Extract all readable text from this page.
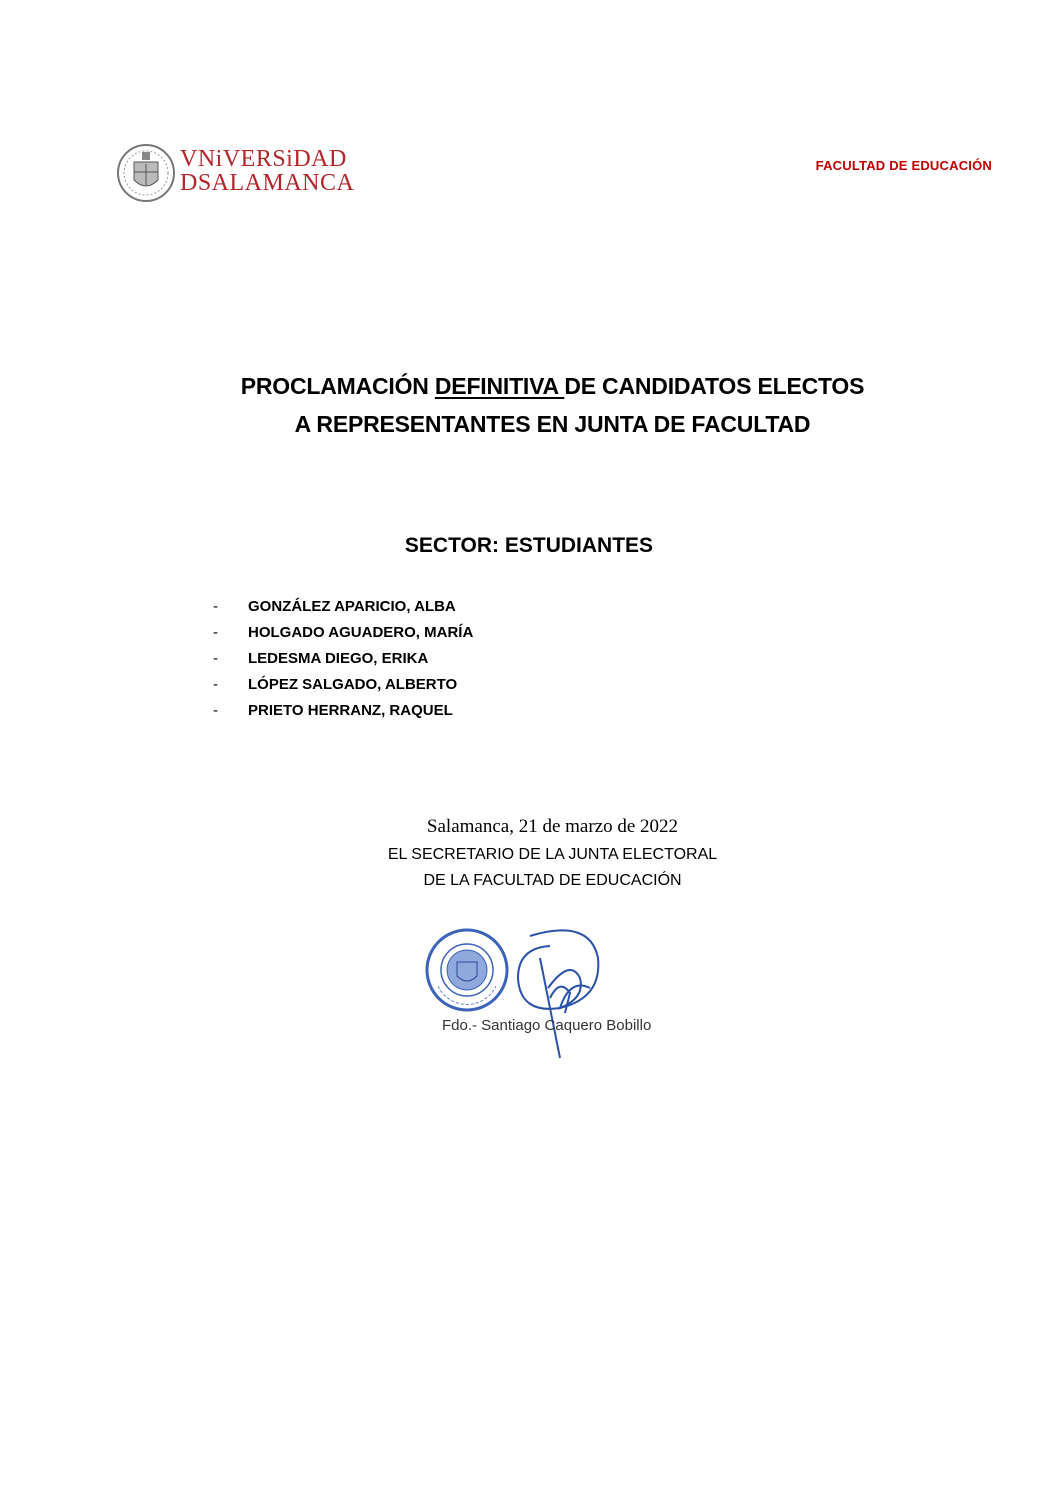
VNiVERSiDAD
DSALAMANCA
FACULTAD DE EDUCACIÓN
PROCLAMACIÓN DEFINITIVA DE CANDIDATOS ELECTOS
A REPRESENTANTES EN JUNTA DE FACULTAD
SECTOR: ESTUDIANTES
- GONZÁLEZ APARICIO, ALBA
- HOLGADO AGUADERO, MARÍA
- LEDESMA DIEGO, ERIKA
- LÓPEZ SALGADO, ALBERTO
- PRIETO HERRANZ, RAQUEL
Salamanca, 21 de marzo de 2022
EL SECRETARIO DE LA JUNTA ELECTORAL
DE LA FACULTAD DE EDUCACIÓN
Fdo.- Santiago Caquero Bobillo
